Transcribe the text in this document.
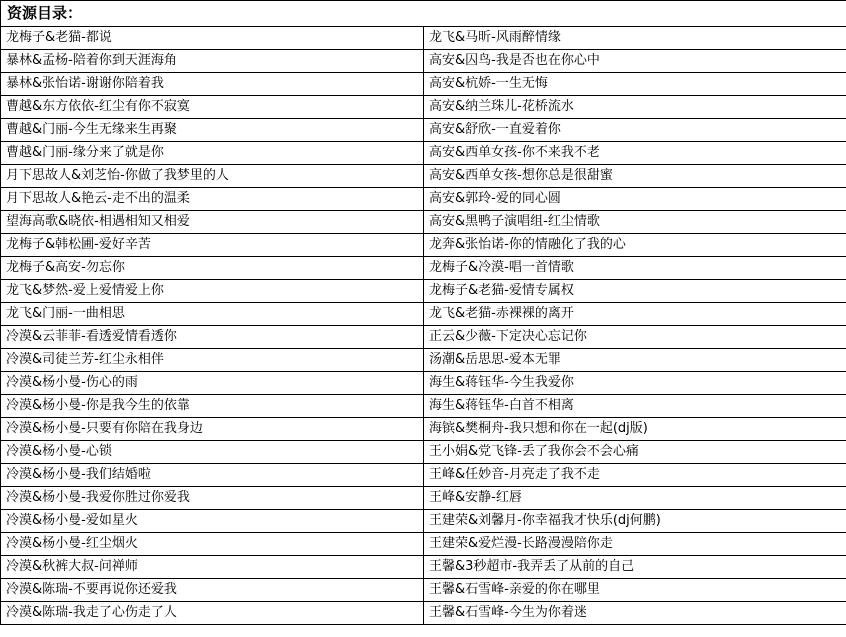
资源目录：	
龙梅子&老猫-都说	龙飞&马昕-风雨醉情缘
暴林&孟杨-陪着你到天涯海角	高安&囚鸟-我是否也在你心中
暴林&张怡诺-谢谢你陪着我	高安&杭娇-一生无悔
曹越&东方依依-红尘有你不寂寞	高安&纳兰珠儿-花桥流水
曹越&门丽-今生无缘来生再聚	高安&舒欣-一直爱着你
曹越&门丽-缘分来了就是你	高安&西单女孩-你不来我不老
月下思故人&刘芝怡-你做了我梦里的人	高安&西单女孩-想你总是很甜蜜
月下思故人&艳云-走不出的温柔	高安&郭玲-爱的同心圆
望海高歌&晓依-相遇相知又相爱	高安&黑鸭子演唱组-红尘情歌
龙梅子&韩松圃-爱好辛苦	龙奔&张怡诺-你的情融化了我的心
龙梅子&高安-勿忘你	龙梅子&冷漠-唱一首情歌
龙飞&梦然-爱上爱情爱上你	龙梅子&老猫-爱情专属权
龙飞&门丽-一曲相思	龙飞&老猫-赤裸裸的离开
冷漠&云菲菲-看透爱情看透你	正云&少薇-下定决心忘记你
冷漠&司徒兰芳-红尘永相伴	汤潮&岳思思-爱本无罪
冷漠&杨小曼-伤心的雨	海生&蒋钰华-今生我爱你
冷漠&杨小曼-你是我今生的依靠	海生&蒋钰华-白首不相离
冷漠&杨小曼-只要有你陪在我身边	海镔&樊桐舟-我只想和你在一起(dj版)
冷漠&杨小曼-心锁	王小娟&党飞锋-丢了我你会不会心痛
冷漠&杨小曼-我们结婚啦	王峰&任妙音-月亮走了我不走
冷漠&杨小曼-我爱你胜过你爱我	王峰&安静-红唇
冷漠&杨小曼-爱如星火	王建荣&刘馨月-你幸福我才快乐(dj何鹏)
冷漠&杨小曼-红尘烟火	王建荣&爱烂漫-长路漫漫陪你走
冷漠&秋裤大叔-问禅师	王馨&3秒超市-我弄丢了从前的自己
冷漠&陈瑞-不要再说你还爱我	王馨&石雪峰-亲爱的你在哪里
冷漠&陈瑞-我走了心伤走了人	王馨&石雪峰-今生为你着迷
